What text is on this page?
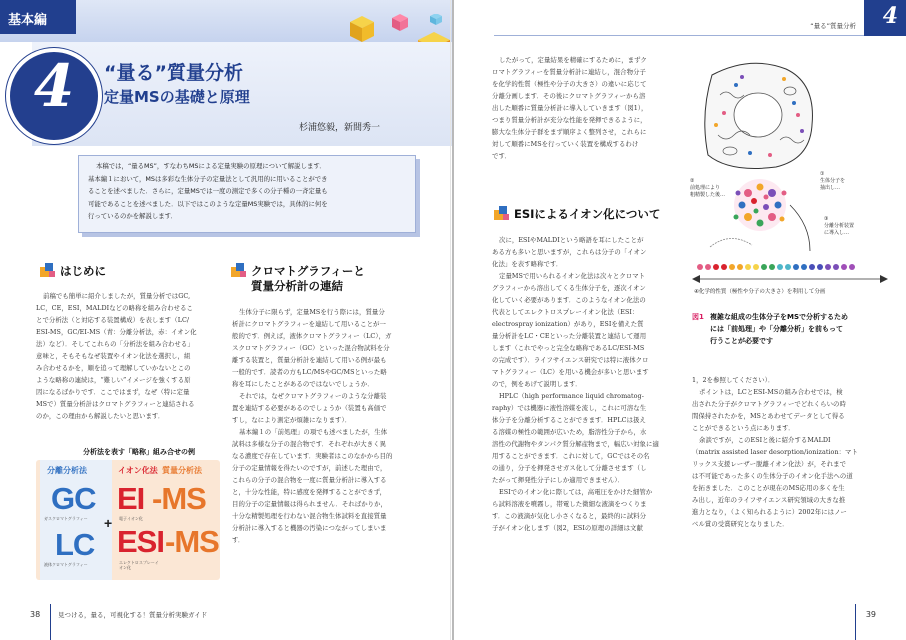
基本編
4	“量る”質量分析
定量MSの基礎と原理
杉浦悠毅，新間秀一
本稿では，“量るMS”，すなわちMSによる定量実験の原理について解説します．
基本編１において，MSは多彩な生体分子の定量法として汎用的に用いることができ
ることを述べました．さらに，定量MSでは一度の測定で多くの分子種の一斉定量も
可能であることを述べました．以下ではこのような定量MS実験では，具体的に何を
行っているのかを解説します．
はじめに
前稿でも簡単に紹介しましたが，質量分析ではGC,
LC，CE，ESI，MALDIなどの略称を組み合わせるこ
とで分析法（と対応する装置構成）を表します（LC/
ESI-MS，GC/EI-MS（青：分離分析法，赤：イオン化
法）など）．そしてこれらの「分析法を組み合わせる」
意味と，そもそもなぜ装置やイオン化法を選択し，組
み合わせるかを，順を追って理解していかないとこの
ような略称の連続は，“難しい”イメージを強くする原
因になるばかりです．ここではまず，なぜ（特に定量
MSで）質量分析計はクロマトグラフィーと連結される
のか，この理由から解説したいと思います．
分析法を表す「略称」組み合せの例
分離分析法	イオン化法 質量分析法
GC
ガスクロマトグラフィー
LC
液体クロマトグラフィー
+
EI -MS
電子イオン化
ESI -MS
エレクトロスプレーイオン化
クロマトグラフィーと
質量分析計の連結
生体分子に限らず，定量MSを行う際には，質量分
析計にクロマトグラフィーを連結して用いることが一
般的です．例えば，液体クロマトグラフィー（LC），ガ
スクロマトグラフィー（GC）といった混合物試料を分
離する装置と，質量分析計を連結して用いる例が最も
一般的です．読者の方もLC/MSやGC/MSといった略
称を耳にしたことがあるのではないでしょうか．
それでは，なぜクロマトグラフィーのような分離装
置を連結する必要があるのでしょうか（装置も高価で
すし，なにより測定が煩雑になります）．
基本編１の「前処理」の項でも述べましたが，生体
試料は多様な分子の混合物です．それぞれが大きく異
なる濃度で存在しています．実験者はこのなかから目的
分子の定量情報を得たいのですが，前述した理由で，
これらの分子の混合物を一度に質量分析計に導入する
と，十分な性能，特に感度を発揮することができず，
目的分子の定量情報は得られません．そればかりか，
十分な精製処理を行わない混合物生体試料を直接質量
分析計に導入すると機器の汚染につながってしまいま
す．
38	見つける，量る，可視化する！質量分析実験ガイド
“量る”質量分析 4
したがって，定量結果を精確にするために，まずク
ロマトグラフィーを質量分析計に連結し，混合物分子
を化学的性質（極性や分子の大きさ）の違いに応じて
分離分画します．その後にクロマトグラフィーから溶
出した順番に質量分析計に導入していきます（図1），
つまり質量分析計が充分な性能を発揮できるように，
膨大な生体分子群をまず順序よく整列させ，これらに
対して順番にMSを行っていく装置を構成するわけ
です．
ESIによるイオン化について
次に，ESIやMALDIという略語を耳にしたことが
ある方も多いと思いますが，これらは分子の「イオン
化法」を表す略称です．
定量MSで用いられるイオン化法は次々とクロマト
グラフィーから溶出してくる生体分子を，逐次イオン
化していく必要があります．このようなイオン化法の
代表としてエレクトロスプレーイオン化法（ESI：
electrospray ionization）があり，ESIを備えた質
量分析計をLC・CEといった分離装置と連結して運用
します（これでやっと完全な略称であるLC/ESI-MS
の完成です）．ライフサイエンス研究では特に液体クロ
マトグラフィー（LC）を用いる機会が多いと思います
ので，例をあげて説明します．
HPLC（high performance liquid chromatog-
raphy）では機器に液性溶媒を流し，これに可溶な生
体分子を分離分析することができます．HPLCは扱え
る溶媒の極性の範囲が広いため，脂溶性分子から，水
溶性の代謝物やタンパク質分解産物まで，幅広い対象に適
用することができます．これに対して，GCではその名
の通り，分子を揮発させガス化して分離させます（し
たがって揮発性分子にしか適用できません）．
ESIでのイオン化に際しては，高電圧をかけた細管か
ら試料溶液を噴霧し，帯電した微細な液滴をつくりま
す．この液滴が気化し小さくなると，最終的に試料分
子がイオン化します（図2，ESIの原理の詳細は文献
①
生体分子を
抽出し…
②
前処理により
粗精製した後…
③
分離分析装置
に導入し…
④化学的性質（極性や分子の大きさ）を利用して分画
図1 複雑な組成の生体分子をMSで分析するため
には「前処理」や「分離分析」を前もって
行うことが必要です
1，2を参照してください）．
ポイントは，LCとESI-MSの組み合わせでは，検
出された分子がクロマトグラフィーでどれくらいの時
間保持されたかを，MSとあわせてデータとして得る
ことができるという点にあります．
余談ですが，このESIと後に紹介するMALDI
（matrix assisted laser desorption/ionization：マト
リックス支援レーザー脱離イオン化法）が，それまで
は不可能であった多くの生体分子のイオン化手法への道
を拓きました．このことが現在のMS応用の多くを生
み出し，近年のライフサイエンス研究領域の大きな推
進力となり，（よく知られるように）2002年にはノー
ベル賞の受賞研究となりました．
39
